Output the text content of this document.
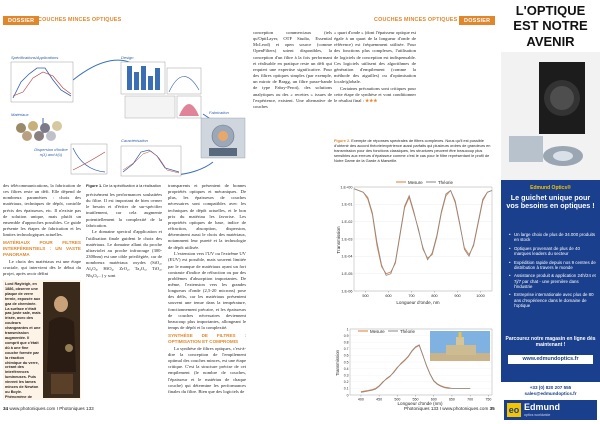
DOSSIER COUCHES MINCES OPTIQUES
Spécifications/Applications	Design
Matériaux
Dispersion d'indice
n(λ) and k(λ)
Fabrication
Caractérisation

des télécommunications, la fabrication de ces filtres reste un défi. Elle dépend de nombreux paramètres : choix des matériaux, techniques de dépôt, contrôle précis des épaisseurs, etc. Il n'existe pas de solution unique, mais plutôt un ensemble d'approches possibles. Ce guide présente les étapes de fabrication et les limites technologiques actuelles.

MATÉRIAUX POUR FILTRES INTERFÉRENTIELS : UN VASTE PANORAMA

Le choix des matériaux est une étape cruciale, qui intervient dès le début du projet, après avoir défini

Lord Rayleigh, en 1886, observe une plaque de verre ternie, exposée aux gaz de cheminée. La surface n'était pas juste sale, mais irisée, avec des couleurs changeantes et une transmission augmentée. Il comprit que c'était dû à une fine couche formée par la réaction chimique du verre, créant des interférences lumineuses. Puis vinrent les lames minces de Newton ou Boyle. Phénomène de
Figure 1. De la spécification à la réalisation

précisément les performances souhaitées du filtre. Il est important de bien cerner le besoin et d'éviter de sur-spécifier inutilement, car cela augmente potentiellement la complexité de la fabrication.

Le domaine spectral d'application et l'utilisation finale guident le choix des matériaux. Le domaine allant du proche ultraviolet au proche infrarouge (300-2300nm) est une cible privilégiée, car de nombreux matériaux oxydes (SiO₂, Al₂O₃, HfO₂, ZrO₂, Ta₂O₅, TiO₂, Nb₂O₅...) y sont

transparents et présentent de bonnes propriétés optiques et mécaniques. De plus, les épaisseurs de couches nécessaires sont compatibles avec les techniques de dépôt actuelles, et le bon prix du matériau les favorise. Les propriétés optiques de base, indice de réfraction, absorption, dispersion, déterminent aussi le choix des matériaux, notamment leur pureté et la technologie de dépôt utilisée.

L'extension vers l'UV ou l'extrême UV (EUV) est possible, mais souvent limitée par le manque de matériaux ayant un fort contraste d'indice de réfraction ou par des problèmes d'absorption importantes. De même, l'extension vers les grandes longueurs d'onde (2,5-20 microns) pose des défis, car les matériaux présentent souvent une tenue dans la température, fonctionnement précaire, et les épaisseurs de couches nécessaires deviennent beaucoup plus importantes, allongeant le temps de dépôt et la complexité.

SYNTHÈSE DE FILTRES : OPTIMISATION ET COMPROMIS

La synthèse de filtres optiques, c'est-à-dire la conception de l'empilement optimal des couches minces, est une étape critique. C'est la structure précise de cet empilement (le nombre de couches, l'épaisseur et le matériau de chaque couche) qui détermine les performances finales du filtre. Bien que des logiciels de

34 www.photoniques.com I Photoniques 133
COUCHES MINCES OPTIQUES	DOSSIER

conception commerciaux (tels qu'OptiLayer, OTF Studio, Essential McLeod) et open source (comme OpenFilters) soient disponibles, la conception d'un filtre à la fois performant et réalisable en pratique reste un défi qui requiert une expertise significative. Pour des filtres optiques simples (par exemple, un miroir de Bragg, un filtre passe-bande de type Fabry-Perot), des solutions analytiques ou des « recettes » issues de l'expérience, existent. Une alternative de couches

« quart d'onde » (dont l'épaisseur optique est égale à un quart de la longueur d'onde de référence) est fréquemment utilisée. Pour des fonctions plus complexes, l'utilisation de logiciels de conception est indispensable. Ces logiciels utilisent des algorithmes de génération d'empilement (comme la méthode des aiguilles) ou d'optimisation locale/globale.

Certaines précautions sont critiques pour cette étape de synthèse et vont conditionner le résultat final : ★★★

Figure 2. Exemple de réponses spectrales de filtres complexes. Nous qu'il est possible d'obtenir des accord théorie/expérience aussi parfaits qui plusieurs ordres de grandeurs en transmission pour des fonctions classiques, les structures peuvent être beaucoup plus sensibles aux erreurs d'épaisseur comme c'est le cas pour le filtre représentant le profil de Notre Dame de la Garde à Marseille.
1.E-06
1.E-05
1.E-04
1.E-03
1.E-02
1.E-01
1.E+00
500	600	700	800	900	1000
Mesure	Théorie
Longueur d'onde, nm
Transmission
0
0.1
0.2
0.3
0.4
0.5
0.6
0.7
0.8
0.9
1
400	450	500	550	600	650	700	750
Mesure	Théorie
Longueur d'onde (nm)
Transmission
Photoniques 133 I www.photoniques.com 35
L'OPTIQUE
EST NOTRE
AVENIR
Edmund Optics®
Le guichet unique pour vos besoins en optiques !
• Un large choix de plus de 34.000 produits en stock
• Optiques provenant de plus de 40 marques leaders du secteur
• Expédition rapide depuis nos 9 centres de distribution à travers le monde
• Assistance produit & application 24h/24 et 7j/7 par chat - une première dans l'industrie
• Entreprise internationale avec plus de 80 ans d'expérience dans le domaine de l'optique
Parcourez notre magasin en ligne dès maintenant !
www.edmundoptics.fr
+33 (0) 820 207 555
sales@edmundoptics.fr
eo Edmund
optics worldwide
